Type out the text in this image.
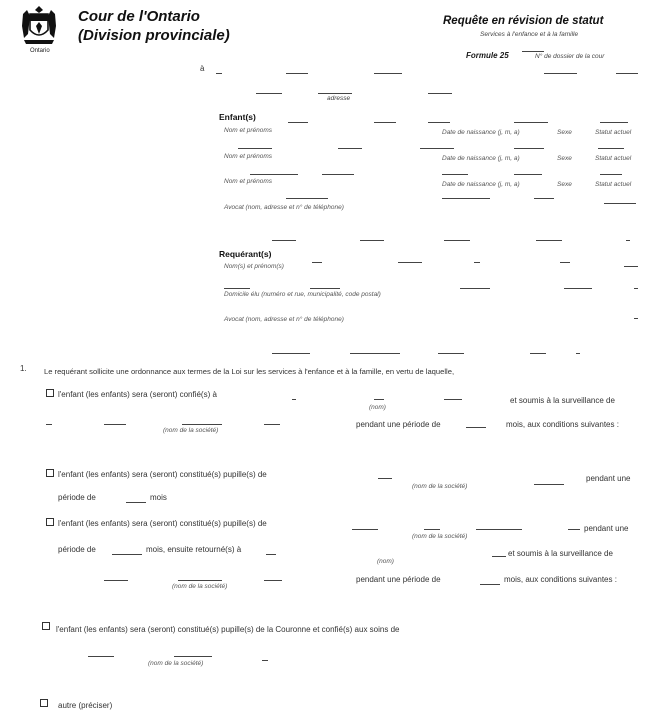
Ontario
Cour de l'Ontario
(Division provinciale)
Requête en révision de statut
Services à l'enfance et à la famille
Formule 25	N° de dossier de la cour
à
adresse
Enfant(s)
Nom et prénoms	Date de naissance (j, m, a)	Sexe	Statut actuel
Nom et prénoms	Date de naissance (j, m, a)	Sexe	Statut actuel
Nom et prénoms	Date de naissance (j, m, a)	Sexe	Statut actuel
Avocat (nom, adresse et n° de téléphone)
Requérant(s)
Nom(s) et prénom(s)
Domicile élu (numéro et rue, municipalité, code postal)
Avocat (nom, adresse et n° de téléphone)
1. Le requérant sollicite une ordonnance aux termes de la Loi sur les services à l'enfance et à la famille, en vertu de laquelle,
l'enfant (les enfants) sera (seront) confié(s) à
(nom)
et soumis à la surveillance de
(nom de la société)
pendant une période de	mois, aux conditions suivantes :
l'enfant (les enfants) sera (seront) constitué(s) pupille(s) de
(nom de la société)
pendant une
période de	mois
l'enfant (les enfants) sera (seront) constitué(s) pupille(s) de
(nom de la société)
pendant une
période de	mois, ensuite retourné(s) à
(nom)
et soumis à la surveillance de
(nom de la société)
pendant une période de	mois, aux conditions suivantes :
l'enfant (les enfants) sera (seront) constitué(s) pupille(s) de la Couronne et confié(s) aux soins de
(nom de la société)
autre (préciser)
